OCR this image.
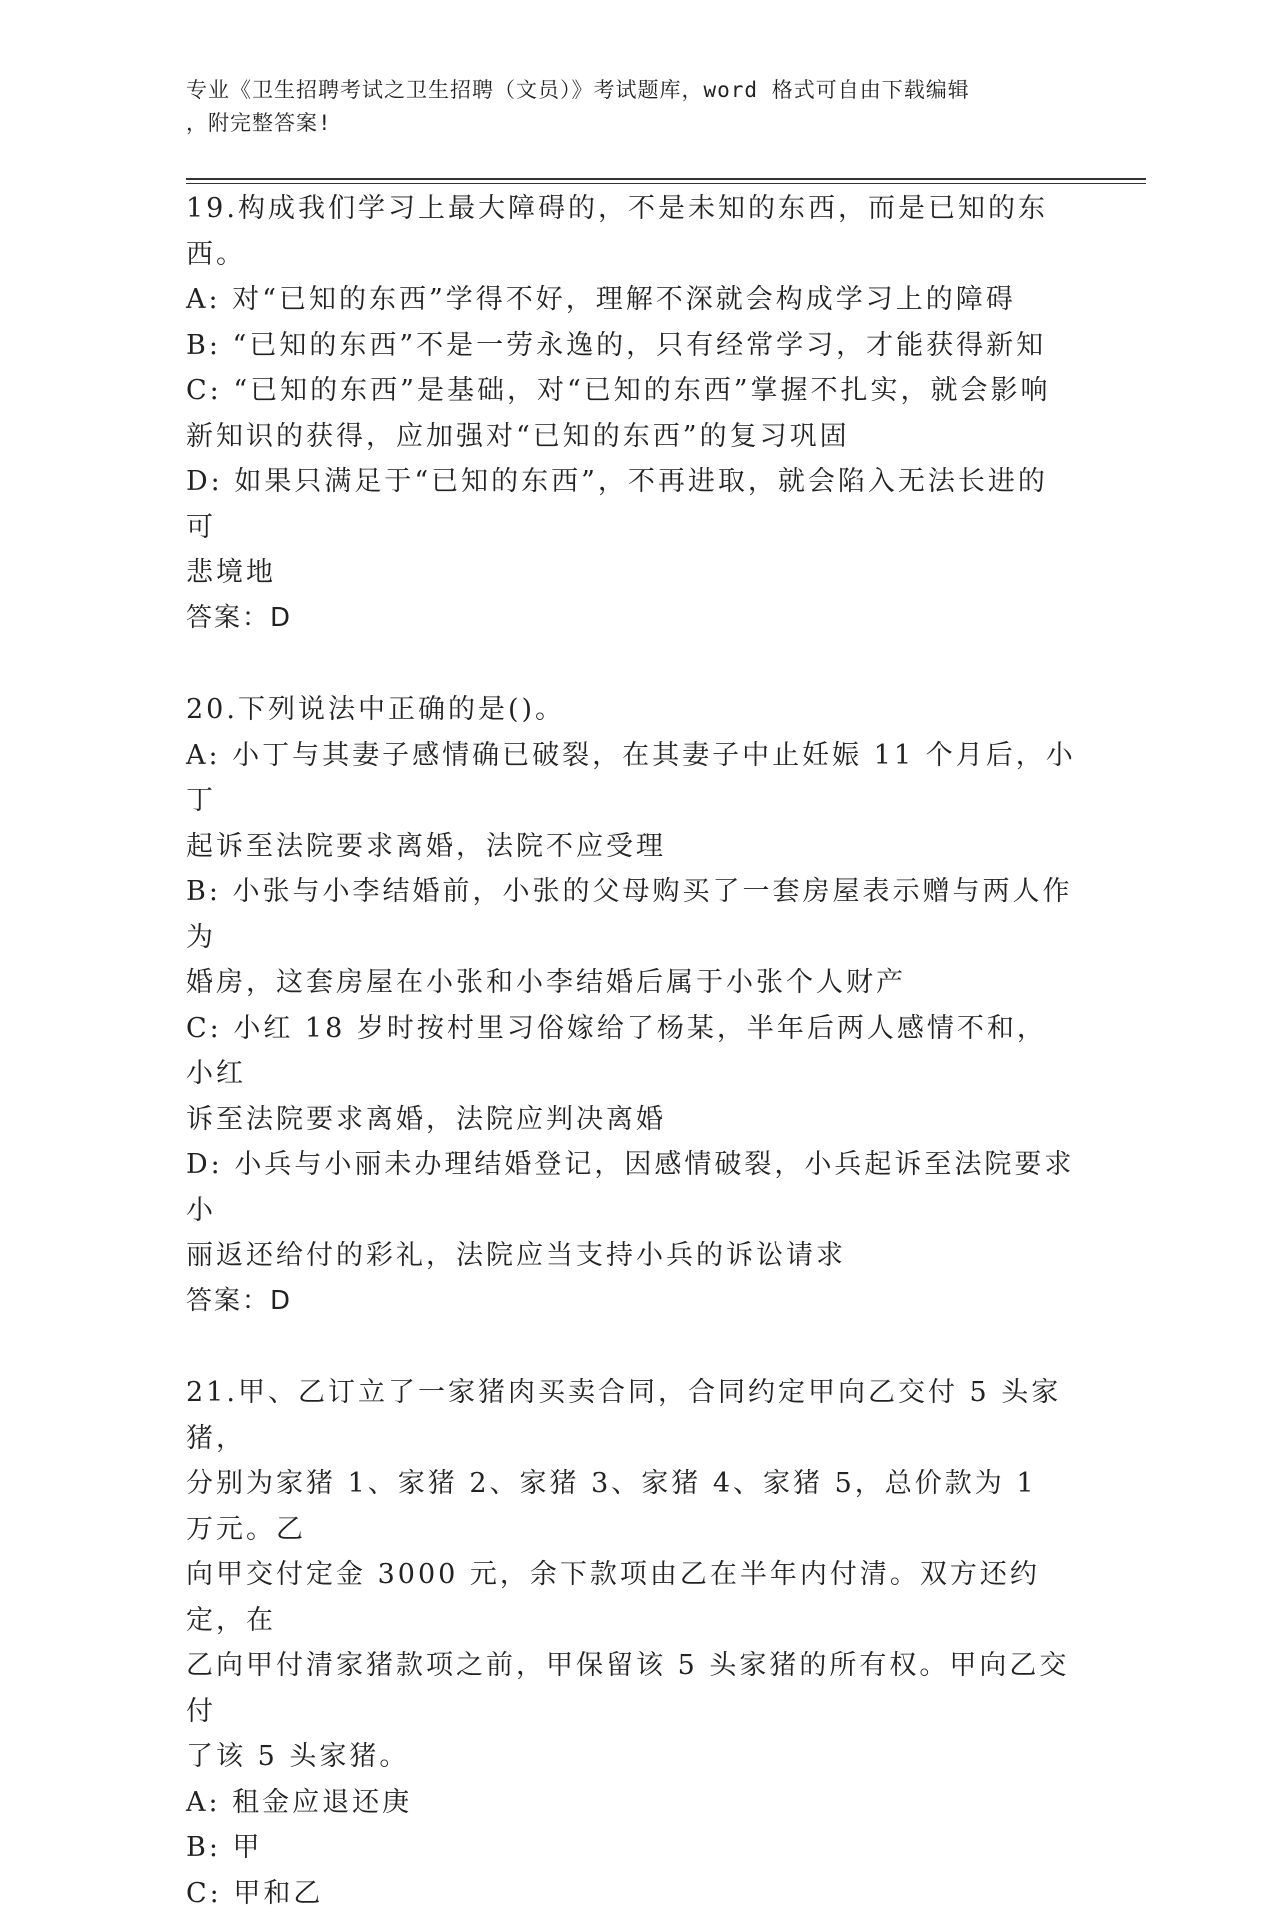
专业《卫生招聘考试之卫生招聘（文员）》考试题库，word 格式可自由下载编辑
，附完整答案!

19.构成我们学习上最大障碍的，不是未知的东西，而是已知的东西。

A: 对“已知的东西”学得不好，理解不深就会构成学习上的障碍

B: “已知的东西”不是一劳永逸的，只有经常学习，才能获得新知

C: “已知的东西”是基础，对“已知的东西”掌握不扎实，就会影响

新知识的获得，应加强对“已知的东西”的复习巩固

D: 如果只满足于“已知的东西”，不再进取，就会陷入无法长进的可

悲境地

答案：D

20.下列说法中正确的是()。

A: 小丁与其妻子感情确已破裂，在其妻子中止妊娠 11 个月后，小丁

起诉至法院要求离婚，法院不应受理

B: 小张与小李结婚前，小张的父母购买了一套房屋表示赠与两人作为

婚房，这套房屋在小张和小李结婚后属于小张个人财产

C: 小红 18 岁时按村里习俗嫁给了杨某，半年后两人感情不和，小红

诉至法院要求离婚，法院应判决离婚

D: 小兵与小丽未办理结婚登记，因感情破裂，小兵起诉至法院要求小

丽返还给付的彩礼，法院应当支持小兵的诉讼请求

答案：D

21.甲、乙订立了一家猪肉买卖合同，合同约定甲向乙交付 5 头家猪，

分别为家猪 1、家猪 2、家猪 3、家猪 4、家猪 5，总价款为 1 万元。乙

向甲交付定金 3000 元，余下款项由乙在半年内付清。双方还约定，在

乙向甲付清家猪款项之前，甲保留该 5 头家猪的所有权。甲向乙交付

了该 5 头家猪。

A: 租金应退还庚

B: 甲

C: 甲和乙
